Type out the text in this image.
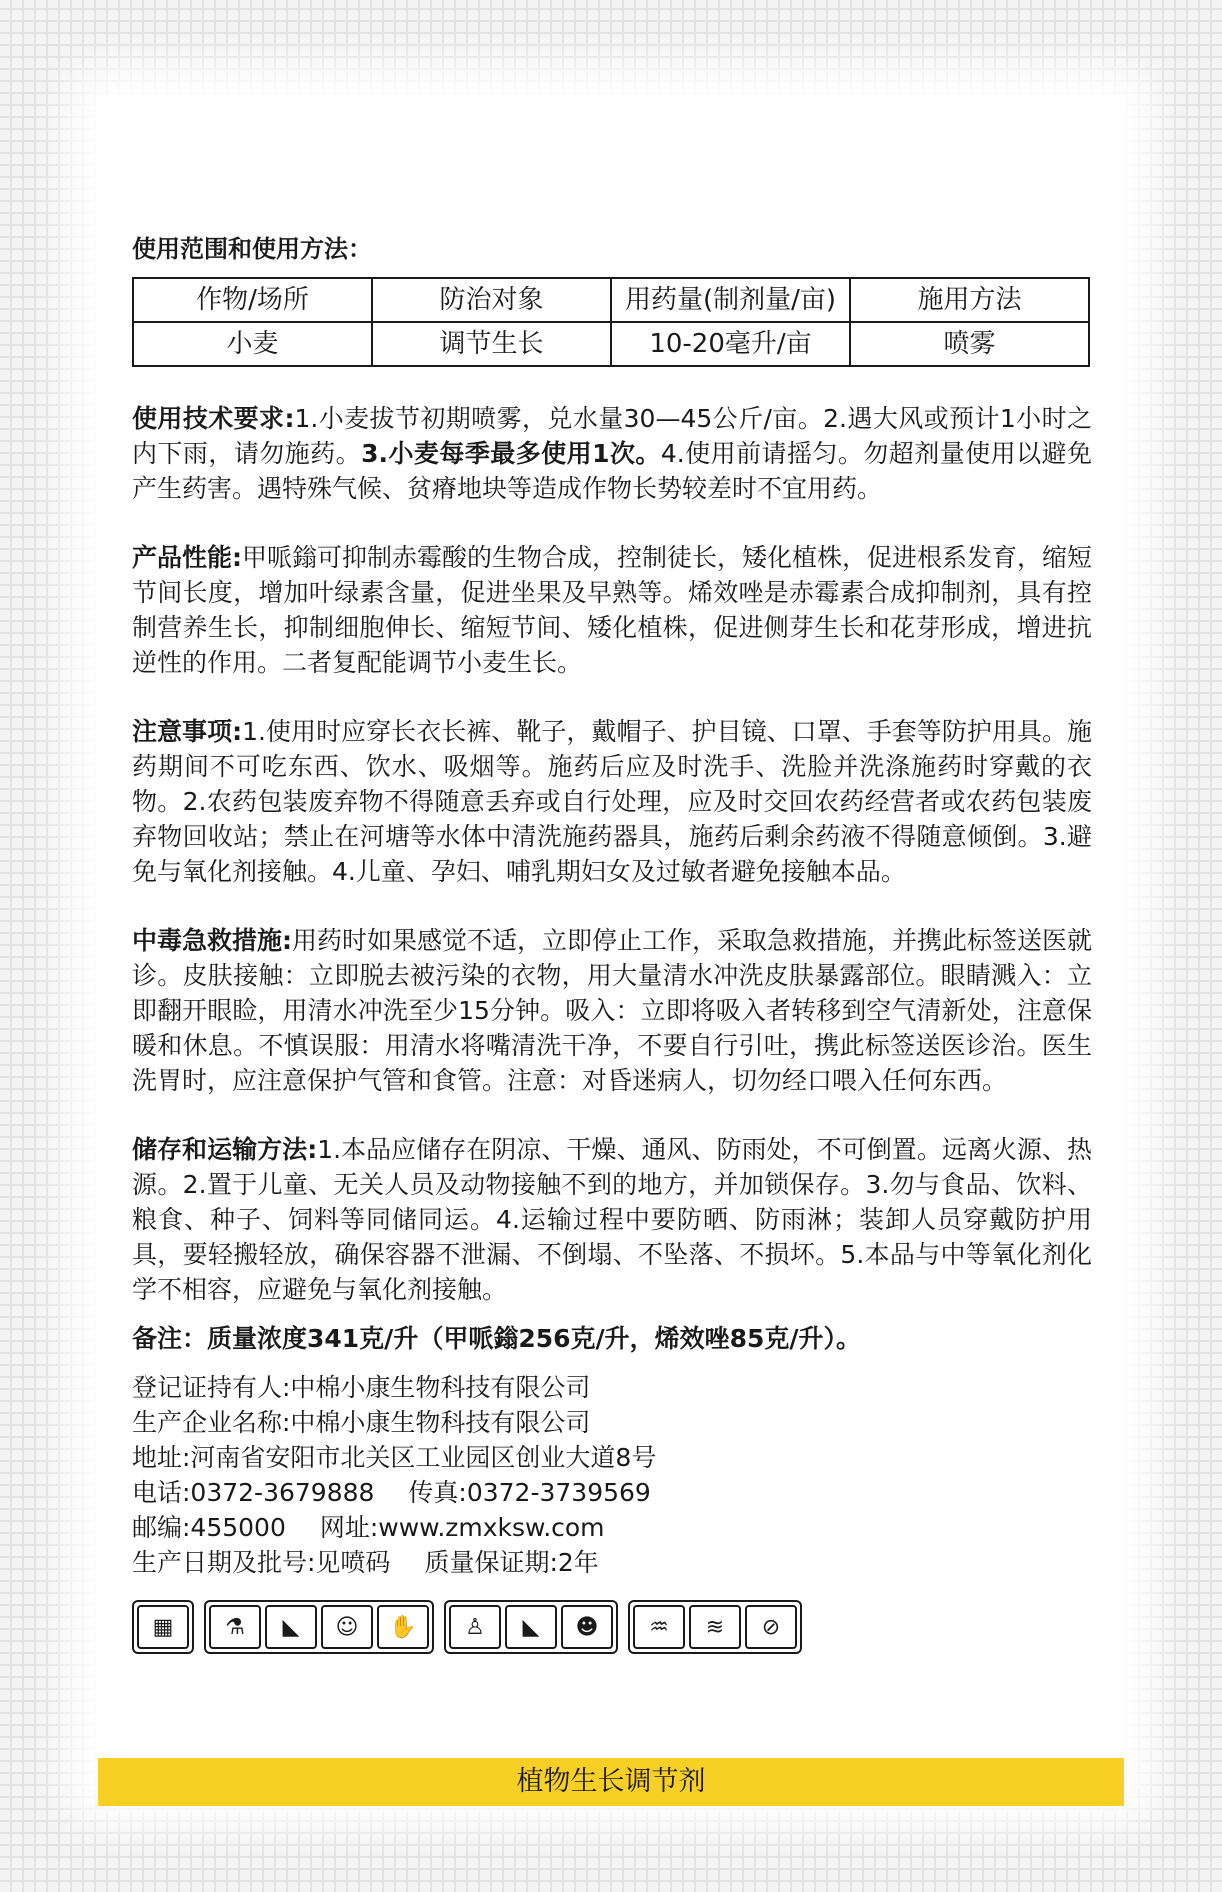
使用范围和使用方法：
作物/场所	防治对象	用药量(制剂量/亩)	施用方法
小麦	调节生长	10-20毫升/亩	喷雾
使用技术要求:1.小麦拔节初期喷雾，兑水量30—45公斤/亩。2.遇大风或预计1小时之内下雨，请勿施药。3.小麦每季最多使用1次。4.使用前请摇匀。勿超剂量使用以避免产生药害。遇特殊气候、贫瘠地块等造成作物长势较差时不宜用药。
产品性能:甲哌鎓可抑制赤霉酸的生物合成，控制徒长，矮化植株，促进根系发育，缩短节间长度，增加叶绿素含量，促进坐果及早熟等。烯效唑是赤霉素合成抑制剂，具有控制营养生长，抑制细胞伸长、缩短节间、矮化植株，促进侧芽生长和花芽形成，增进抗逆性的作用。二者复配能调节小麦生长。
注意事项:1.使用时应穿长衣长裤、靴子，戴帽子、护目镜、口罩、手套等防护用具。施药期间不可吃东西、饮水、吸烟等。施药后应及时洗手、洗脸并洗涤施药时穿戴的衣物。2.农药包装废弃物不得随意丢弃或自行处理，应及时交回农药经营者或农药包装废弃物回收站；禁止在河塘等水体中清洗施药器具，施药后剩余药液不得随意倾倒。3.避免与氧化剂接触。4.儿童、孕妇、哺乳期妇女及过敏者避免接触本品。
中毒急救措施:用药时如果感觉不适，立即停止工作，采取急救措施，并携此标签送医就诊。皮肤接触：立即脱去被污染的衣物，用大量清水冲洗皮肤暴露部位。眼睛溅入：立即翻开眼睑，用清水冲洗至少15分钟。吸入：立即将吸入者转移到空气清新处，注意保暖和休息。不慎误服：用清水将嘴清洗干净，不要自行引吐，携此标签送医诊治。医生洗胃时，应注意保护气管和食管。注意：对昏迷病人，切勿经口喂入任何东西。
储存和运输方法:1.本品应储存在阴凉、干燥、通风、防雨处，不可倒置。远离火源、热源。2.置于儿童、无关人员及动物接触不到的地方，并加锁保存。3.勿与食品、饮料、粮食、种子、饲料等同储同运。4.运输过程中要防晒、防雨淋；装卸人员穿戴防护用具，要轻搬轻放，确保容器不泄漏、不倒塌、不坠落、不损坏。5.本品与中等氧化剂化学不相容，应避免与氧化剂接触。
备注：质量浓度341克/升（甲哌鎓256克/升，烯效唑85克/升）。
登记证持有人:中棉小康生物科技有限公司
生产企业名称:中棉小康生物科技有限公司
地址:河南省安阳市北关区工业园区创业大道8号
电话:0372-3679888 传真:0372-3739569
邮编:455000 网址:www.zmxksw.com
生产日期及批号:见喷码 质量保证期:2年
▦	⚗	◣	☺	✋	♙	◣	☻	♒	≋	⊘
植物生长调节剂
